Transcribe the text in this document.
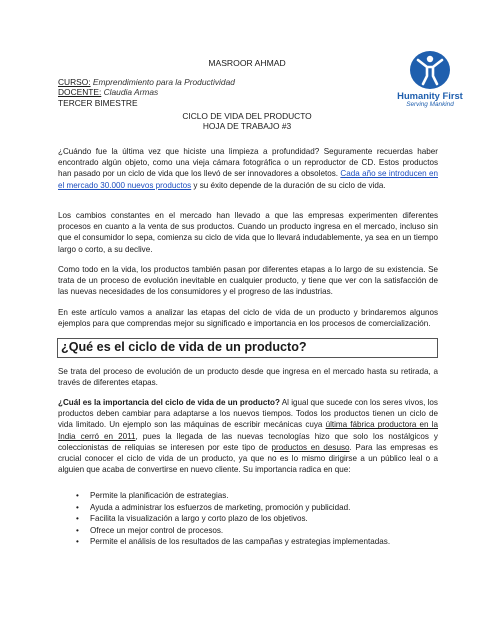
MASROOR AHMAD
CURSO: Emprendimiento para la Productividad
DOCENTE: Claudia Armas
TERCER BIMESTRE
CICLO DE VIDA DEL PRODUCTO
HOJA DE TRABAJO #3
Humanity First
Serving Mankind
¿Cuándo fue la última vez que hiciste una limpieza a profundidad? Seguramente recuerdas haber encontrado algún objeto, como una vieja cámara fotográfica o un reproductor de CD. Estos productos han pasado por un ciclo de vida que los llevó de ser innovadores a obsoletos. Cada año se introducen en el mercado 30.000 nuevos productos y su éxito depende de la duración de su ciclo de vida.
Los cambios constantes en el mercado han llevado a que las empresas experimenten diferentes procesos en cuanto a la venta de sus productos. Cuando un producto ingresa en el mercado, incluso sin que el consumidor lo sepa, comienza su ciclo de vida que lo llevará indudablemente, ya sea en un tiempo largo o corto, a su declive.
Como todo en la vida, los productos también pasan por diferentes etapas a lo largo de su existencia. Se trata de un proceso de evolución inevitable en cualquier producto, y tiene que ver con la satisfacción de las nuevas necesidades de los consumidores y el progreso de las industrias.
En este artículo vamos a analizar las etapas del ciclo de vida de un producto y brindaremos algunos ejemplos para que comprendas mejor su significado e importancia en los procesos de comercialización.
¿Qué es el ciclo de vida de un producto?
Se trata del proceso de evolución de un producto desde que ingresa en el mercado hasta su retirada, a través de diferentes etapas.
¿Cuál es la importancia del ciclo de vida de un producto? Al igual que sucede con los seres vivos, los productos deben cambiar para adaptarse a los nuevos tiempos. Todos los productos tienen un ciclo de vida limitado. Un ejemplo son las máquinas de escribir mecánicas cuya última fábrica productora en la India cerró en 2011, pues la llegada de las nuevas tecnologías hizo que solo los nostálgicos y coleccionistas de reliquias se interesen por este tipo de productos en desuso. Para las empresas es crucial conocer el ciclo de vida de un producto, ya que no es lo mismo dirigirse a un público leal o a alguien que acaba de convertirse en nuevo cliente. Su importancia radica en que:
• Permite la planificación de estrategias.
• Ayuda a administrar los esfuerzos de marketing, promoción y publicidad.
• Facilita la visualización a largo y corto plazo de los objetivos.
• Ofrece un mejor control de procesos.
• Permite el análisis de los resultados de las campañas y estrategias implementadas.
